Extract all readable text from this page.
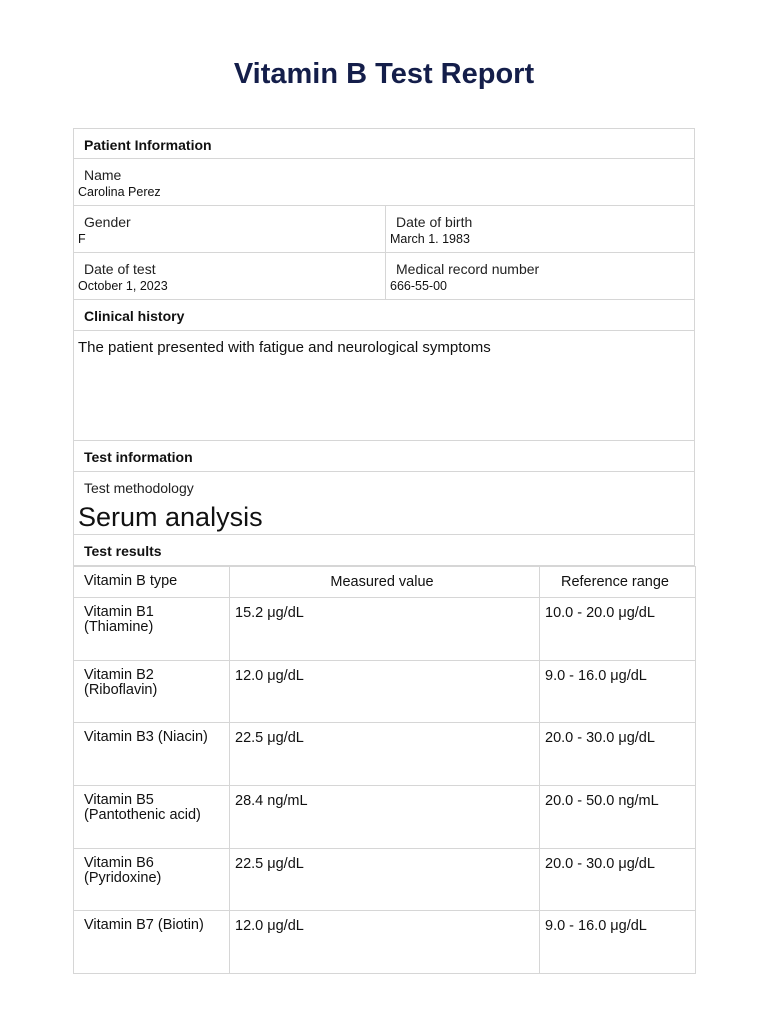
Vitamin B Test Report
Patient Information
Name
Carolina Perez
Gender
F
Date of birth
March 1. 1983
Date of test
October 1, 2023
Medical record number
666-55-00
Clinical history
The patient presented with fatigue and neurological symptoms
Test information
Test methodology
Serum analysis
Test results
Vitamin B type	Measured value	Reference range
Vitamin B1 (Thiamine)	15.2 μg/dL	10.0 - 20.0 μg/dL
Vitamin B2 (Riboflavin)	12.0 μg/dL	9.0 - 16.0 μg/dL
Vitamin B3 (Niacin)	22.5 μg/dL	20.0 - 30.0 μg/dL
Vitamin B5 (Pantothenic acid)	28.4 ng/mL	20.0 - 50.0 ng/mL
Vitamin B6 (Pyridoxine)	22.5 μg/dL	20.0 - 30.0 μg/dL
Vitamin B7 (Biotin)	12.0 μg/dL	9.0 - 16.0 μg/dL
